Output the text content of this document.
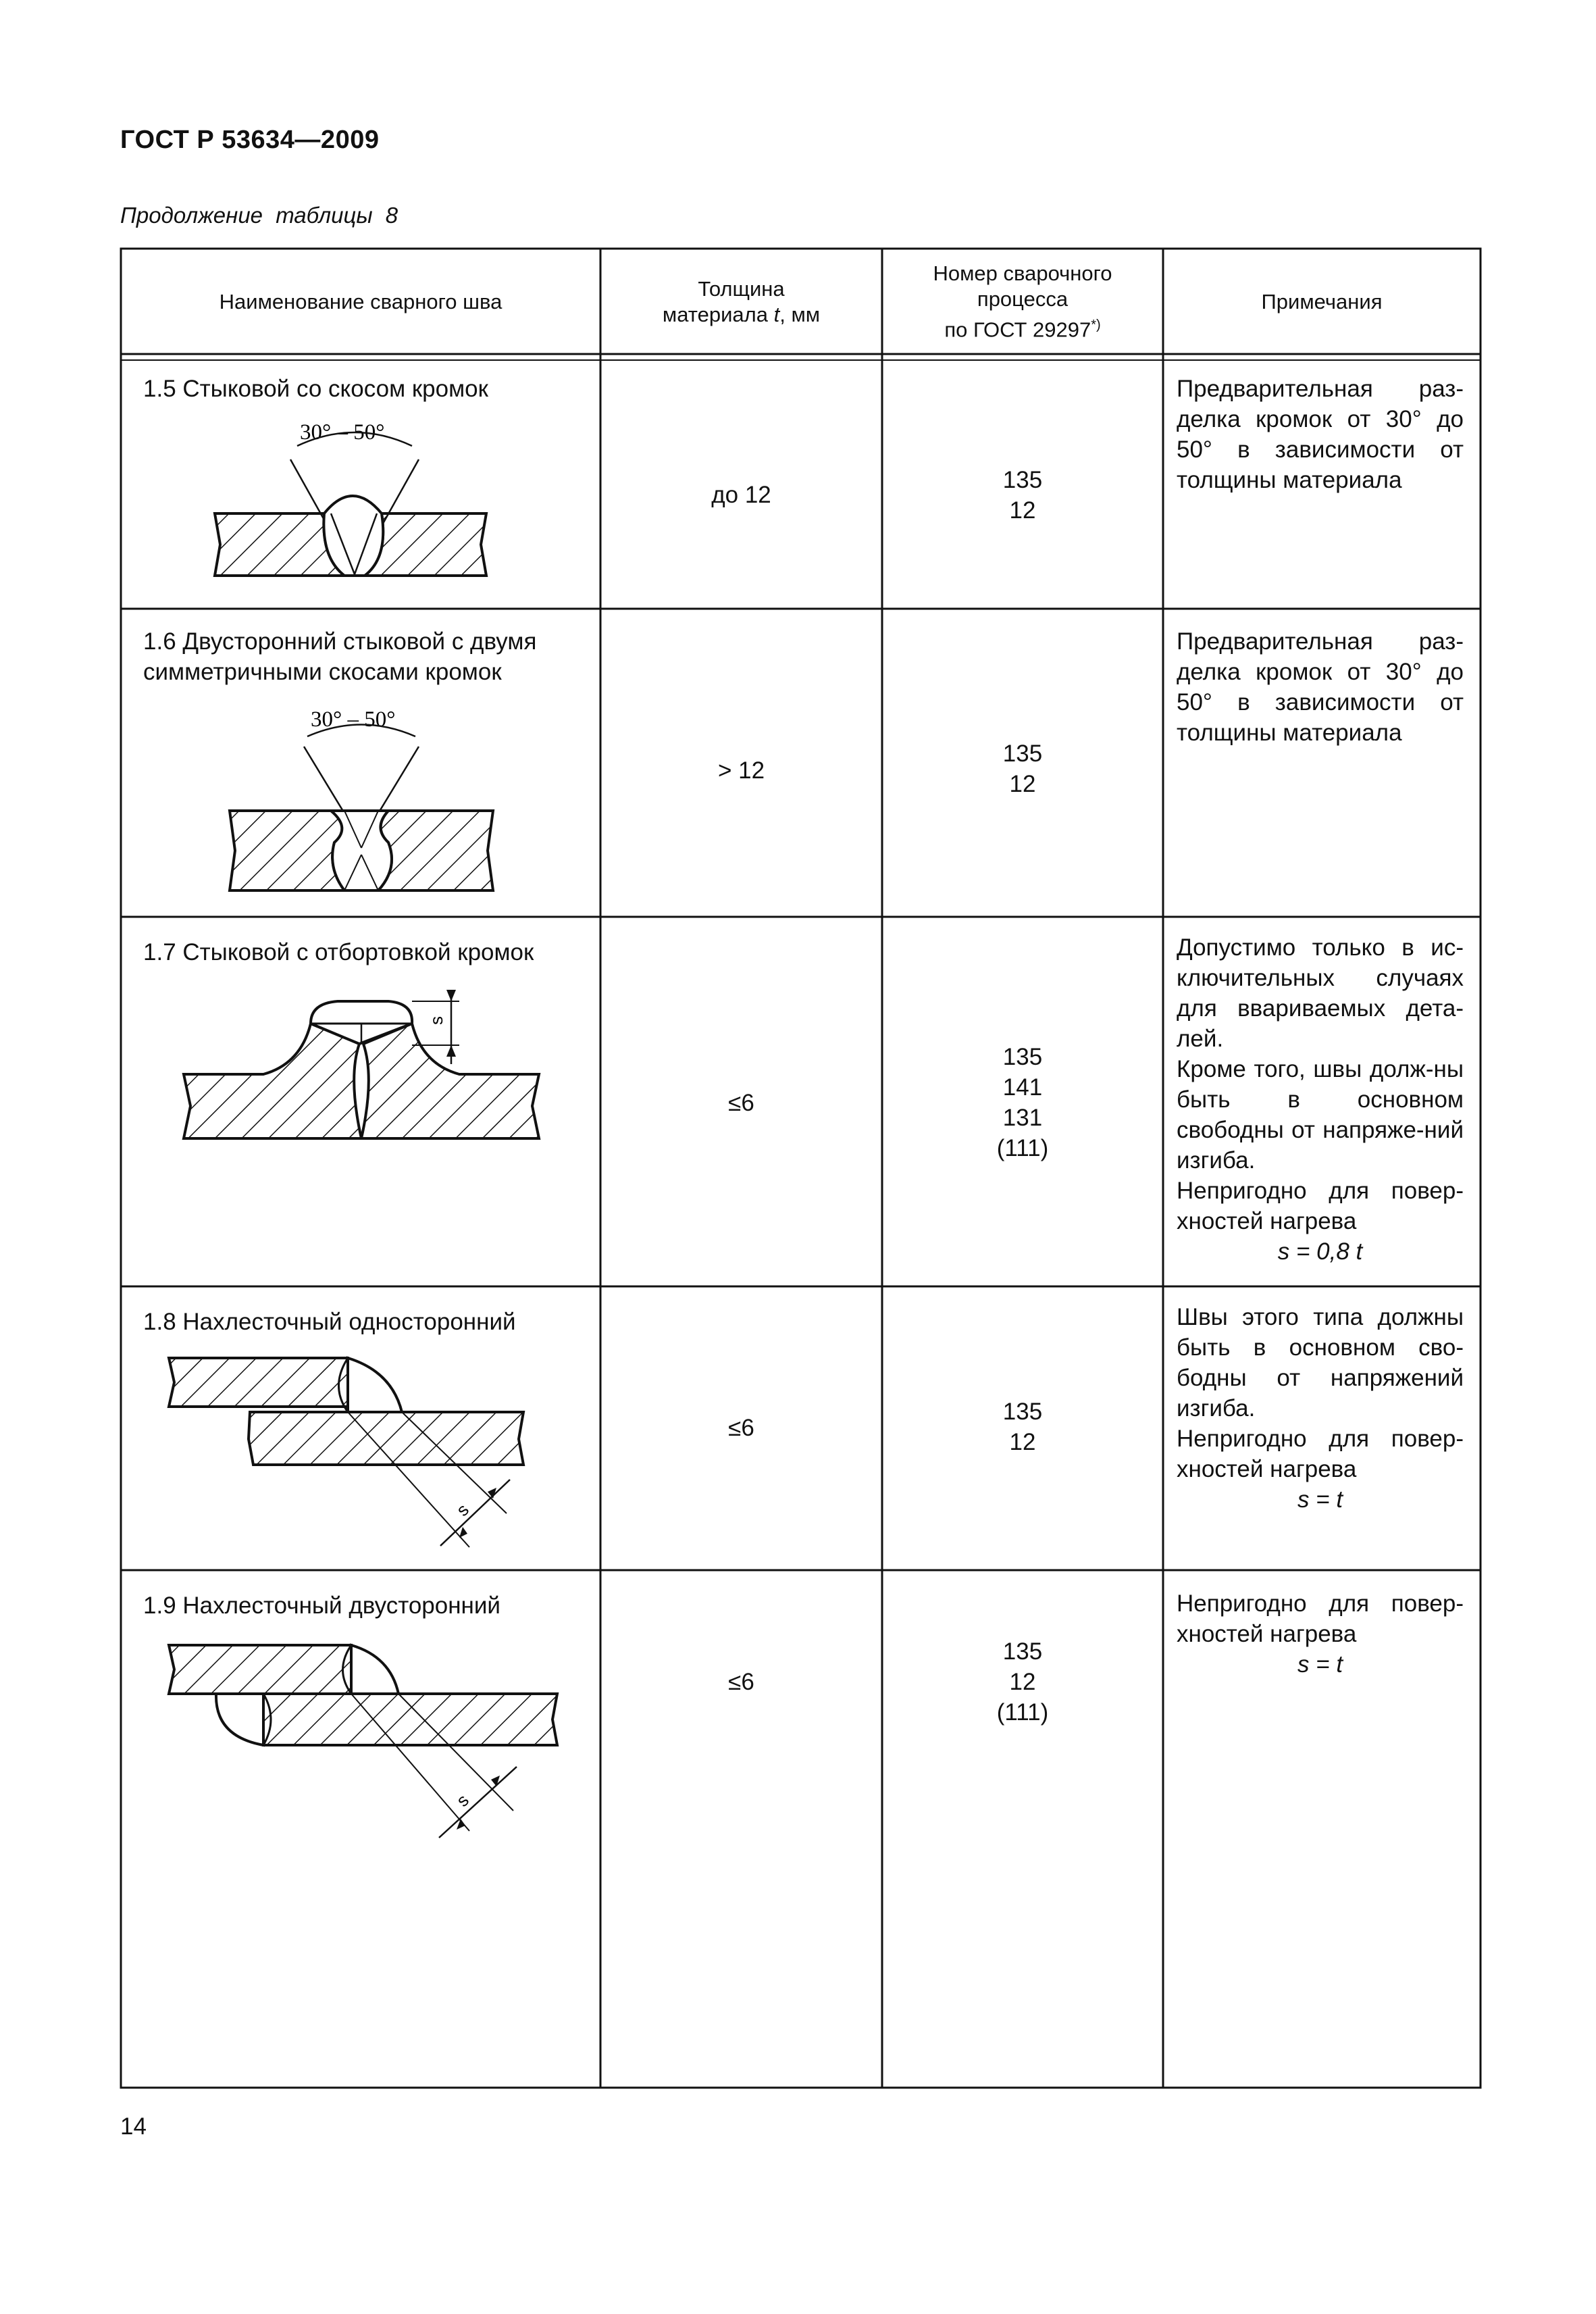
ГОСТ Р 53634—2009
Продолжение таблицы 8
Наименование сварного шва
Толщина
материала t, мм
Номер сварочного
процесса
по ГОСТ 29297*)
Примечания
1.5 Стыковой со скосом кромок
30° – 50°
до 12
135
12

Предварительная раз-делка кромок от 30° до 50° в зависимости от толщины материала

1.6 Двусторонний стыковой с двумя симметричными скосами кромок
30° – 50°
> 12
135
12

Предварительная раз-делка кромок от 30° до 50° в зависимости от толщины материала

1.7 Стыковой с отбортовкой кромок
s
≤6
135
141
131
(111)

Допустимо только в ис-ключительных случаях для ввариваемых дета-лей.

Кроме того, швы долж-ны быть в основном свободны от напряже-ний изгиба.

Непригодно для повер-хностей нагрева

s = 0,8 t

1.8 Нахлесточный односторонний
s
≤6
135
12

Швы этого типа должны быть в основном сво-бодны от напряжений изгиба.

Непригодно для повер-хностей нагрева

s = t

1.9 Нахлесточный двусторонний
s
≤6
135
12
(111)

Непригодно для повер-хностей нагрева

s = t

14
